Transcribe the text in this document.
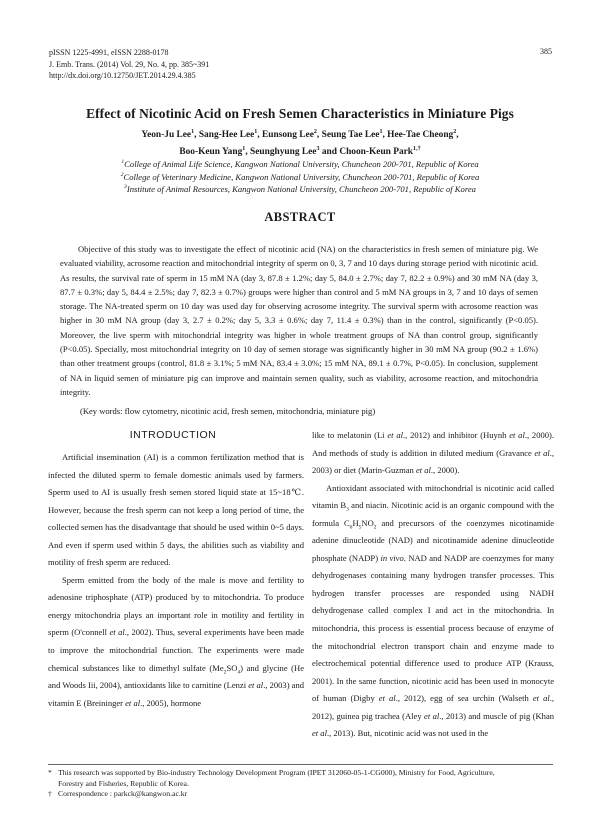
pISSN 1225-4991, eISSN 2288-0178
J. Emb. Trans. (2014) Vol. 29, No. 4, pp. 385~391
http://dx.doi.org/10.12750/JET.2014.29.4.385
385
Effect of Nicotinic Acid on Fresh Semen Characteristics in Miniature Pigs
Yeon-Ju Lee$^1$, Sang-Hee Lee$^1$, Eunsong Lee$^2$, Seung Tae Lee$^1$, Hee-Tae Cheong$^2$,
Boo-Keun Yang$^1$, Seunghyung Lee$^3$ and Choon-Keun Park$^{1,\dagger}$
$^1$College of Animal Life Science, Kangwon National University, Chuncheon 200-701, Republic of Korea
$^2$College of Veterinary Medicine, Kangwon National University, Chuncheon 200-701, Republic of Korea
$^3$Institute of Animal Resources, Kangwon National University, Chuncheon 200-701, Republic of Korea
ABSTRACT

Objective of this study was to investigate the effect of nicotinic acid (NA) on the characteristics in fresh semen of miniature pig. We evaluated viability, acrosome reaction and mitochondrial integrity of sperm on 0, 3, 7 and 10 days during storage period with nicotinic acid. As results, the survival rate of sperm in 15 mM NA (day 3, 87.8 ± 1.2%; day 5, 84.0 ± 2.7%; day 7, 82.2 ± 0.9%) and 30 mM NA (day 3, 87.7 ± 0.3%; day 5, 84.4 ± 2.5%; day 7, 82.3 ± 0.7%) groups were higher than control and 5 mM NA groups in 3, 7 and 10 days of semen storage. The NA-treated sperm on 10 day was used day for observing acrosome integrity. The survival sperm with acrosome reaction was higher in 30 mM NA group (day 3, 2.7 ± 0.2%; day 5, 3.3 ± 0.6%; day 7, 11.4 ± 0.3%) than in the control, significantly (P<0.05). Moreover, the live sperm with mitochondrial integrity was higher in whole treatment groups of NA than control group, significantly (P<0.05). Specially, most mitochondrial integrity on 10 day of semen storage was significantly higher in 30 mM NA group (90.2 ± 1.6%) than other treatment groups (control, 81.8 ± 3.1%; 5 mM NA, 83.4 ± 3.0%; 15 mM NA, 89.1 ± 0.7%, P<0.05). In conclusion, supplement of NA in liquid semen of miniature pig can improve and maintain semen quality, such as viability, acrosome reaction, and mitochondria integrity.

(Key words: flow cytometry, nicotinic acid, fresh semen, mitochondria, miniature pig)

INTRODUCTION

Artificial insemination (AI) is a common fertilization method that is infected the diluted sperm to female domestic animals used by farmers. Sperm used to AI is usually fresh semen stored liquid state at 15~18℃. However, because the fresh sperm can not keep a long period of time, the collected semen has the disadvantage that should be used within 0~5 days. And even if sperm used within 5 days, the abilities such as viability and motility of fresh sperm are reduced.

Sperm emitted from the body of the male is move and fertility to adenosine triphosphate (ATP) produced by to mitochondria. To produce energy mitochondria plays an important role in motility and fertility in sperm (O'connell et al., 2002). Thus, several experiments have been made to improve the mitochondrial function. The experiments were made chemical substances like to dimethyl sulfate $(Me_2SO_4)$ and glycine (He and Woods Iii, 2004), antioxidants like to carnitine (Lenzi et al., 2003) and vitamin E (Breininger et al., 2005), hormone

like to melatonin (Li et al., 2012) and inhibitor (Huynh et al., 2000). And methods of study is addition in diluted medium (Gravance et al., 2003) or diet (Marin-Guzman et al., 2000).

Antioxidant associated with mitochondrial is nicotinic acid called vitamin $B_3$ and niacin. Nicotinic acid is an organic compound with the formula $C_6H_5NO_2$ and precursors of the coenzymes nicotinamide adenine dinucleotide (NAD) and nicotinamide adenine dinucleotide phosphate (NADP) in vivo. NAD and NADP are coenzymes for many dehydrogenases containing many hydrogen transfer processes. This hydrogen transfer processes are responded using NADH dehydrogenase called complex I and act in the mitochondria. In mitochondria, this process is essential process because of enzyme of the mitochondrial electron transport chain and enzyme made to electrochemical potential difference used to produce ATP (Krauss, 2001). In the same function, nicotinic acid has been used in monocyte of human (Digby et al., 2012), egg of sea urchin (Walseth et al., 2012), guinea pig trachea (Aley et al., 2013) and muscle of pig (Khan et al., 2013). But, nicotinic acid was not used in the

* This research was supported by Bio-industry Technology Development Program (IPET 312060-05-1-CG000), Ministry for Food, Agriculture,
Forestry and Fisheries, Republic of Korea.
† Correspondence : parkck@kangwon.ac.kr
